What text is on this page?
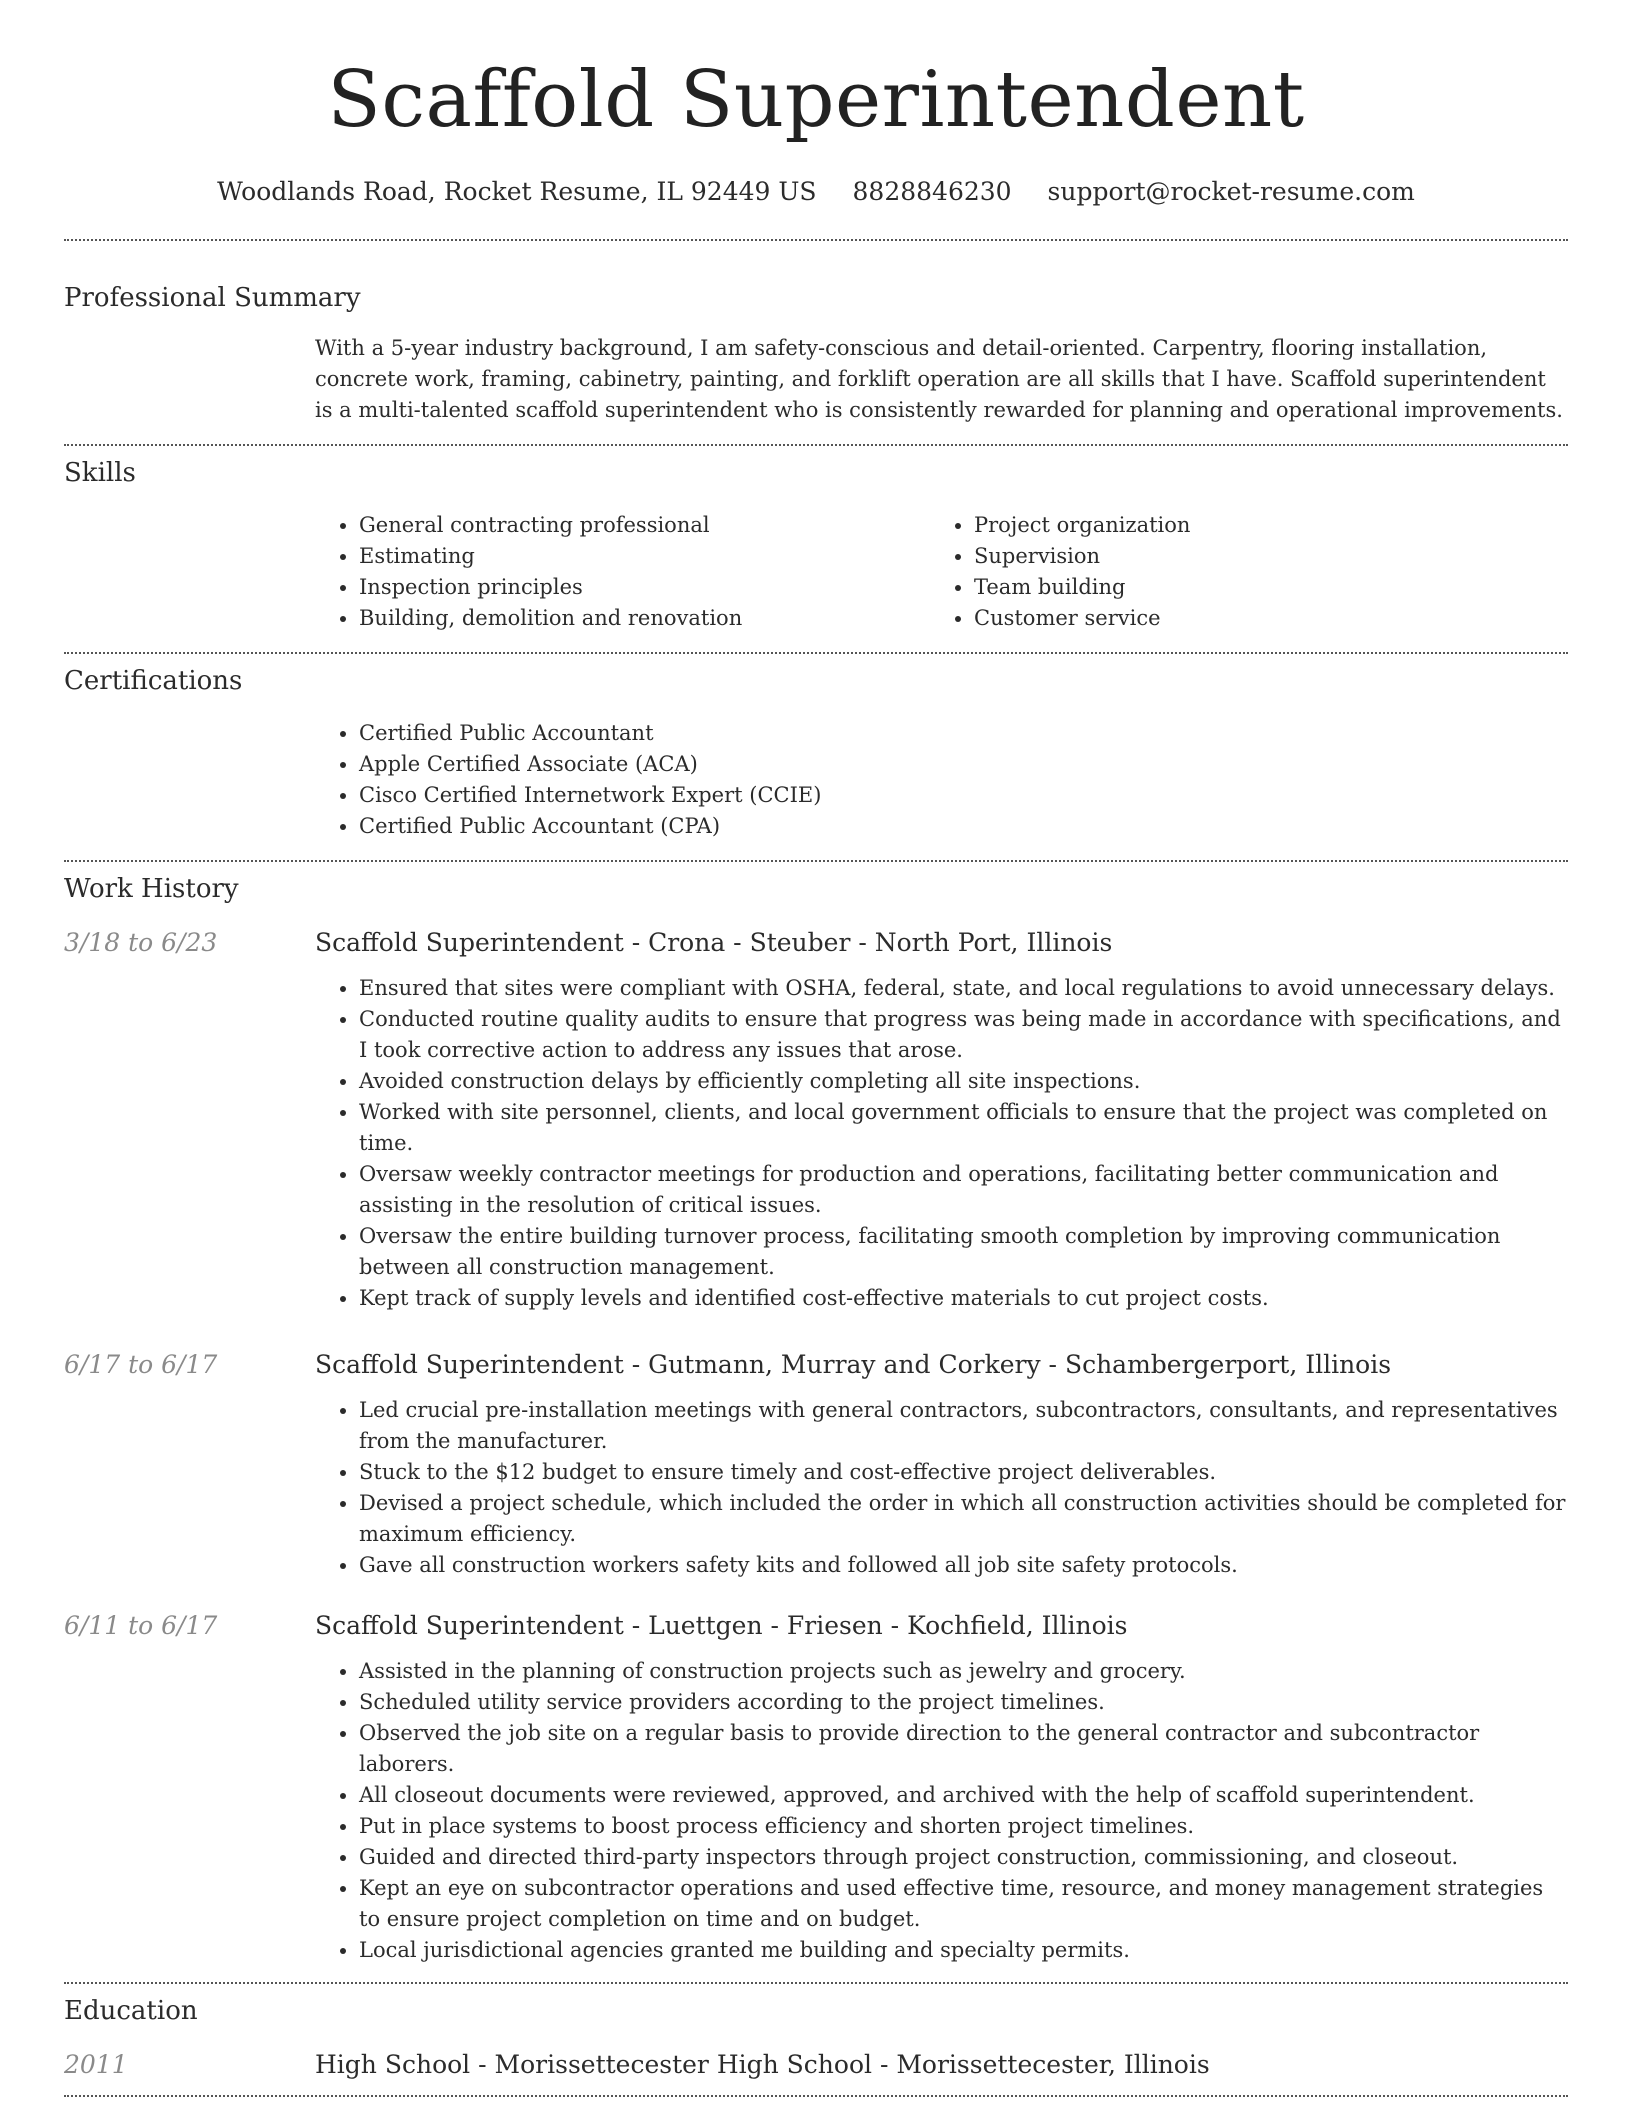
Scaffold Superintendent
Woodlands Road, Rocket Resume, IL 92449 US 8828846230 support@rocket-resume.com
Professional Summary
With a 5-year industry background, I am safety-conscious and detail-oriented. Carpentry, flooring installation, concrete work, framing, cabinetry, painting, and forklift operation are all skills that I have. Scaffold superintendent is a multi-talented scaffold superintendent who is consistently rewarded for planning and operational improvements.
Skills
• General contracting professional
• Estimating
• Inspection principles
• Building, demolition and renovation
• Project organization
• Supervision
• Team building
• Customer service
Certifications
• Certified Public Accountant
• Apple Certified Associate (ACA)
• Cisco Certified Internetwork Expert (CCIE)
• Certified Public Accountant (CPA)
Work History
3/18 to 6/23	Scaffold Superintendent - Crona - Steuber - North Port, Illinois
• Ensured that sites were compliant with OSHA, federal, state, and local regulations to avoid unnecessary delays.
• Conducted routine quality audits to ensure that progress was being made in accordance with specifications, and I took corrective action to address any issues that arose.
• Avoided construction delays by efficiently completing all site inspections.
• Worked with site personnel, clients, and local government officials to ensure that the project was completed on time.
• Oversaw weekly contractor meetings for production and operations, facilitating better communication and assisting in the resolution of critical issues.
• Oversaw the entire building turnover process, facilitating smooth completion by improving communication between all construction management.
• Kept track of supply levels and identified cost-effective materials to cut project costs.
6/17 to 6/17	Scaffold Superintendent - Gutmann, Murray and Corkery - Schambergerport, Illinois
• Led crucial pre-installation meetings with general contractors, subcontractors, consultants, and representatives from the manufacturer.
• Stuck to the $12 budget to ensure timely and cost-effective project deliverables.
• Devised a project schedule, which included the order in which all construction activities should be completed for maximum efficiency.
• Gave all construction workers safety kits and followed all job site safety protocols.
6/11 to 6/17	Scaffold Superintendent - Luettgen - Friesen - Kochfield, Illinois
• Assisted in the planning of construction projects such as jewelry and grocery.
• Scheduled utility service providers according to the project timelines.
• Observed the job site on a regular basis to provide direction to the general contractor and subcontractor laborers.
• All closeout documents were reviewed, approved, and archived with the help of scaffold superintendent.
• Put in place systems to boost process efficiency and shorten project timelines.
• Guided and directed third-party inspectors through project construction, commissioning, and closeout.
• Kept an eye on subcontractor operations and used effective time, resource, and money management strategies to ensure project completion on time and on budget.
• Local jurisdictional agencies granted me building and specialty permits.
Education
2011	High School - Morissettecester High School - Morissettecester, Illinois
